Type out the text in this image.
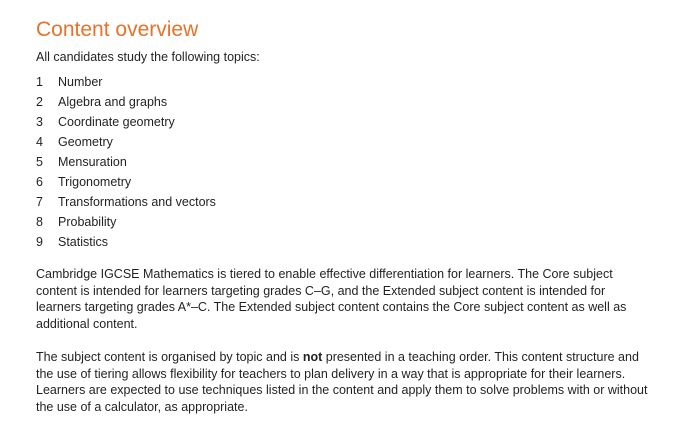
Content overview

All candidates study the following topics:

1	Number
2	Algebra and graphs
3	Coordinate geometry
4	Geometry
5	Mensuration
6	Trigonometry
7	Transformations and vectors
8	Probability
9	Statistics

Cambridge IGCSE Mathematics is tiered to enable effective differentiation for learners. The Core subject
content is intended for learners targeting grades C–G, and the Extended subject content is intended for
learners targeting grades A*–C. The Extended subject content contains the Core subject content as well as
additional content.

The subject content is organised by topic and is not presented in a teaching order. This content structure and
the use of tiering allows flexibility for teachers to plan delivery in a way that is appropriate for their learners.
Learners are expected to use techniques listed in the content and apply them to solve problems with or without
the use of a calculator, as appropriate.
